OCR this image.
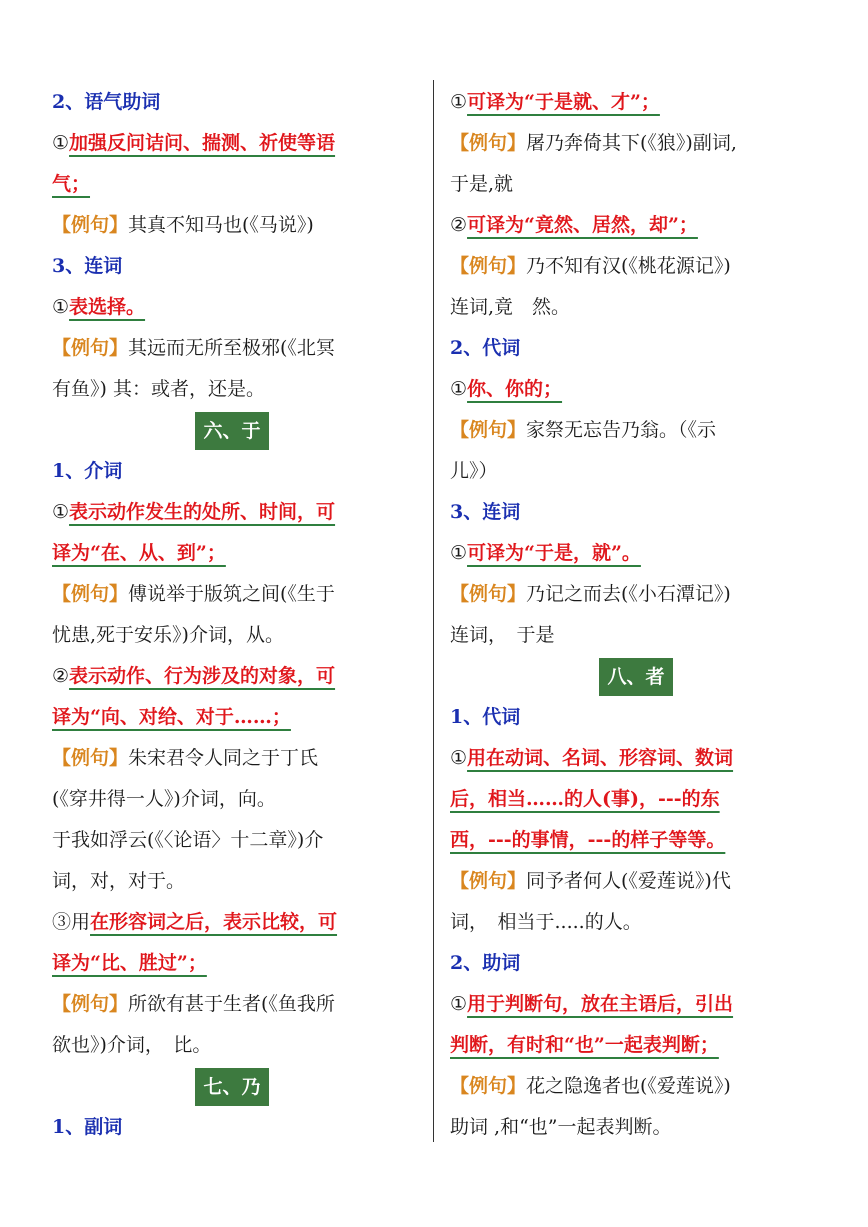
2、语气助词
①加强反问诘问、揣测、祈使等语
气；
【例句】其真不知马也(《马说》)
3、连词
①表选择。
【例句】其远而无所至极邪(《北冥
有鱼》) 其：或者，还是。
六、于
1、介词
①表示动作发生的处所、时间，可
译为“在、从、到”；
【例句】傅说举于版筑之间(《生于
忧患,死于安乐》)介词，从。
②表示动作、行为涉及的对象，可
译为“向、对给、对于……；
【例句】朱宋君令人同之于丁氏
(《穿井得一人》)介词，向。
于我如浮云(《〈论语〉十二章》)介
词，对，对于。
③用在形容词之后，表示比较，可
译为“比、胜过”；
【例句】所欲有甚于生者(《鱼我所
欲也》)介词，　比。
七、乃
1、副词
①可译为“于是就、才”；
【例句】屠乃奔倚其下(《狼》)副词,
于是,就
②可译为“竟然、居然，却”；
【例句】乃不知有汉(《桃花源记》)
连词,竟　然。
2、代词
①你、你的；
【例句】家祭无忘告乃翁。（《示
儿》）
3、连词
①可译为“于是，就”。
【例句】乃记之而去(《小石潭记》)
连词，　于是
八、者
1、代词
①用在动词、名词、形容词、数词
后，相当……的人(事)，---的东
西，---的事情，---的样子等等。
【例句】同予者何人(《爱莲说》)代
词，　相当于.....的人。
2、助词
①用于判断句，放在主语后，引出
判断，有时和“也”一起表判断；
【例句】花之隐逸者也(《爱莲说》)
助词 ,和“也”一起表判断。
